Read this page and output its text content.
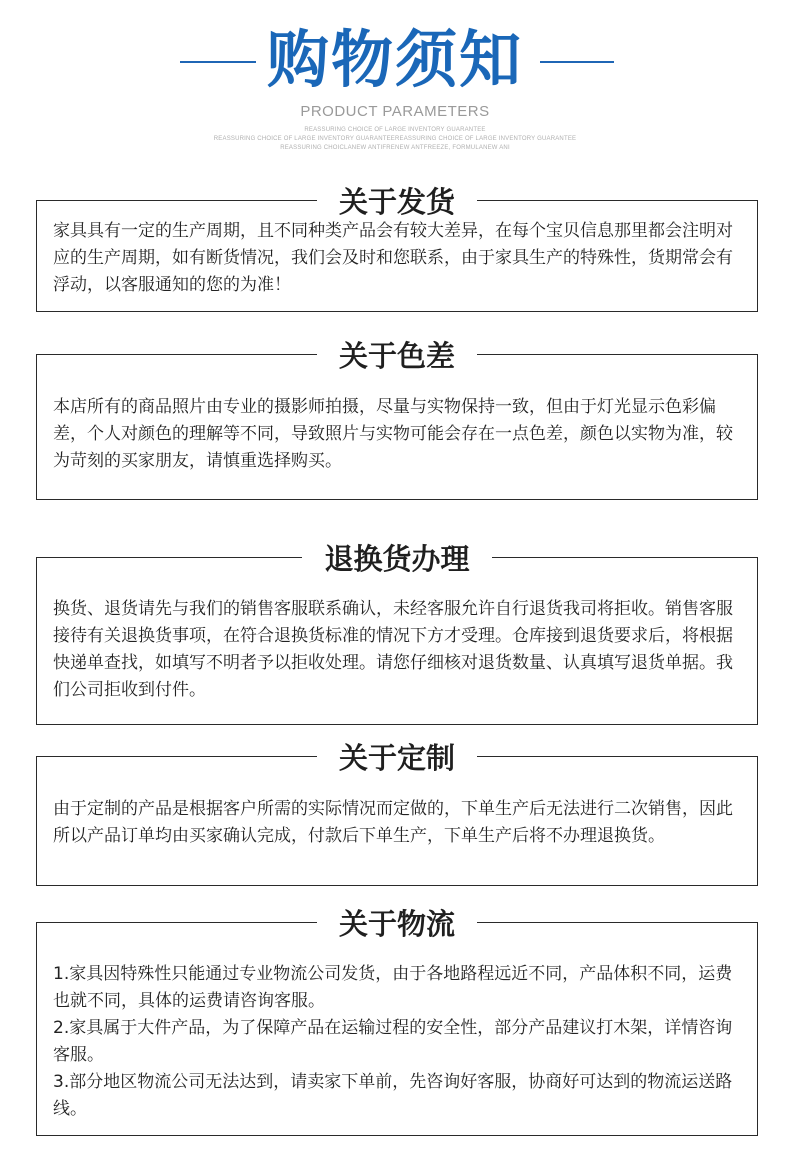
购物须知
PRODUCT PARAMETERS
REASSURING CHOICE OF LARGE INVENTORY GUARANTEE
REASSURING CHOICE OF LARGE INVENTORY GUARANTEEREASSURING CHOICE OF LARGE INVENTORY GUARANTEE
REASSURING CHOICLANEW ANTIFRENEW ANTFREEZE, FORMULANEW ANI
关于发货

家具具有一定的生产周期，且不同种类产品会有较大差异，在每个宝贝信息那里都会注明对应的生产周期，如有断货情况，我们会及时和您联系，由于家具生产的特殊性，货期常会有浮动，以客服通知的您的为准！

关于色差

本店所有的商品照片由专业的摄影师拍摄，尽量与实物保持一致，但由于灯光显示色彩偏差，个人对颜色的理解等不同，导致照片与实物可能会存在一点色差，颜色以实物为准，较为苛刻的买家朋友，请慎重选择购买。

退换货办理

换货、退货请先与我们的销售客服联系确认，未经客服允许自行退货我司将拒收。销售客服接待有关退换货事项，在符合退换货标准的情况下方才受理。仓库接到退货要求后，将根据快递单查找，如填写不明者予以拒收处理。请您仔细核对退货数量、认真填写退货单据。我们公司拒收到付件。

关于定制

由于定制的产品是根据客户所需的实际情况而定做的，下单生产后无法进行二次销售，因此所以产品订单均由买家确认完成，付款后下单生产，下单生产后将不办理退换货。

关于物流

1.家具因特殊性只能通过专业物流公司发货，由于各地路程远近不同，产品体积不同，运费也就不同，具体的运费请咨询客服。

2.家具属于大件产品，为了保障产品在运输过程的安全性，部分产品建议打木架，详情咨询客服。

3.部分地区物流公司无法达到，请卖家下单前，先咨询好客服，协商好可达到的物流运送路线。
